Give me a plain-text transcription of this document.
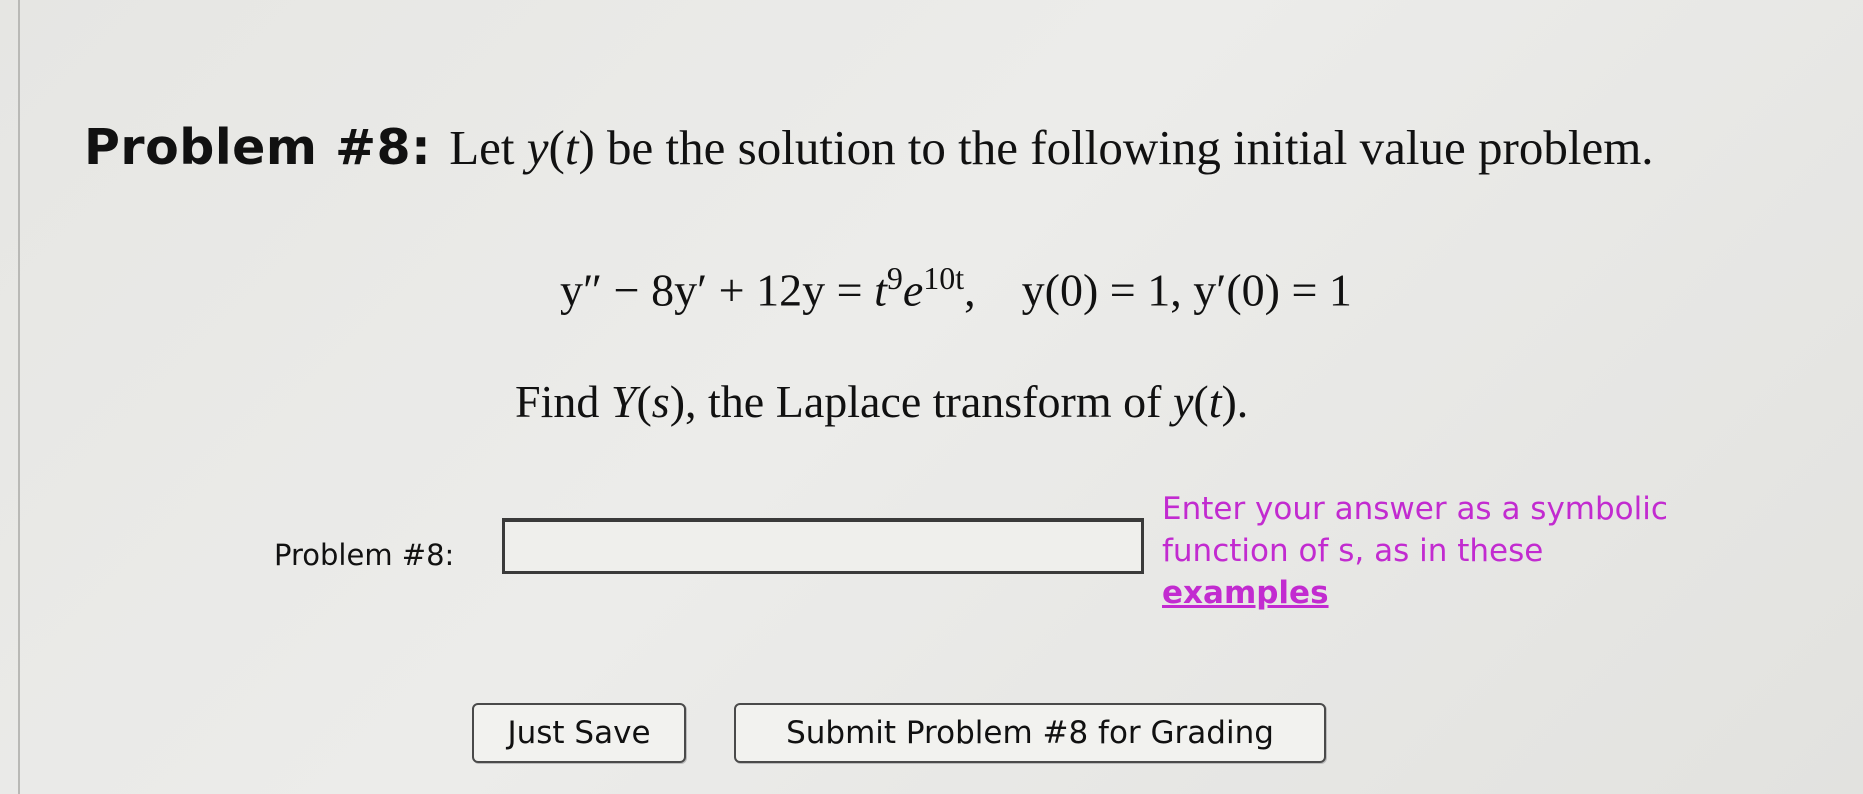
Problem #8: Let y(t) be the solution to the following initial value problem.
$y'' - 8y' + 12y = t^9e^{10t}$,    y(0) = 1, y′(0) = 1
Find Y(s), the Laplace transform of y(t).
Problem #8:
Enter your answer as a symbolic function of s, as in these
examples
Just Save	Submit Problem #8 for Grading
